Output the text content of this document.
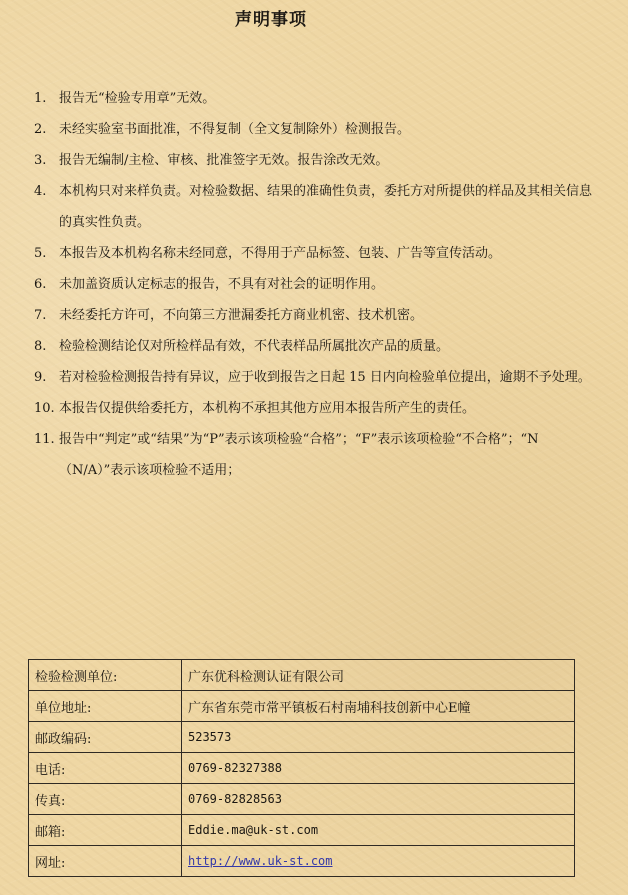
声明事项
1. 报告无“检验专用章”无效。
2. 未经实验室书面批准，不得复制（全文复制除外）检测报告。
3. 报告无编制/主检、审核、批准签字无效。报告涂改无效。
4. 本机构只对来样负责。对检验数据、结果的准确性负责，委托方对所提供的样品及其相关信息的真实性负责。
5. 本报告及本机构名称未经同意，不得用于产品标签、包装、广告等宣传活动。
6. 未加盖资质认定标志的报告，不具有对社会的证明作用。
7. 未经委托方许可，不向第三方泄漏委托方商业机密、技术机密。
8. 检验检测结论仅对所检样品有效，不代表样品所属批次产品的质量。
9. 若对检验检测报告持有异议，应于收到报告之日起 15 日内向检验单位提出，逾期不予处理。
10. 本报告仅提供给委托方，本机构不承担其他方应用本报告所产生的责任。
11. 报告中“判定”或“结果”为“P”表示该项检验“合格”；“F”表示该项检验“不合格”；“N（N/A）”表示该项检验不适用；
检验检测单位:	广东优科检测认证有限公司
单位地址:	广东省东莞市常平镇板石村南埔科技创新中心E幢
邮政编码:	523573
电话:	0769-82327388
传真:	0769-82828563
邮箱:	Eddie.ma@uk-st.com
网址:	http://www.uk-st.com
